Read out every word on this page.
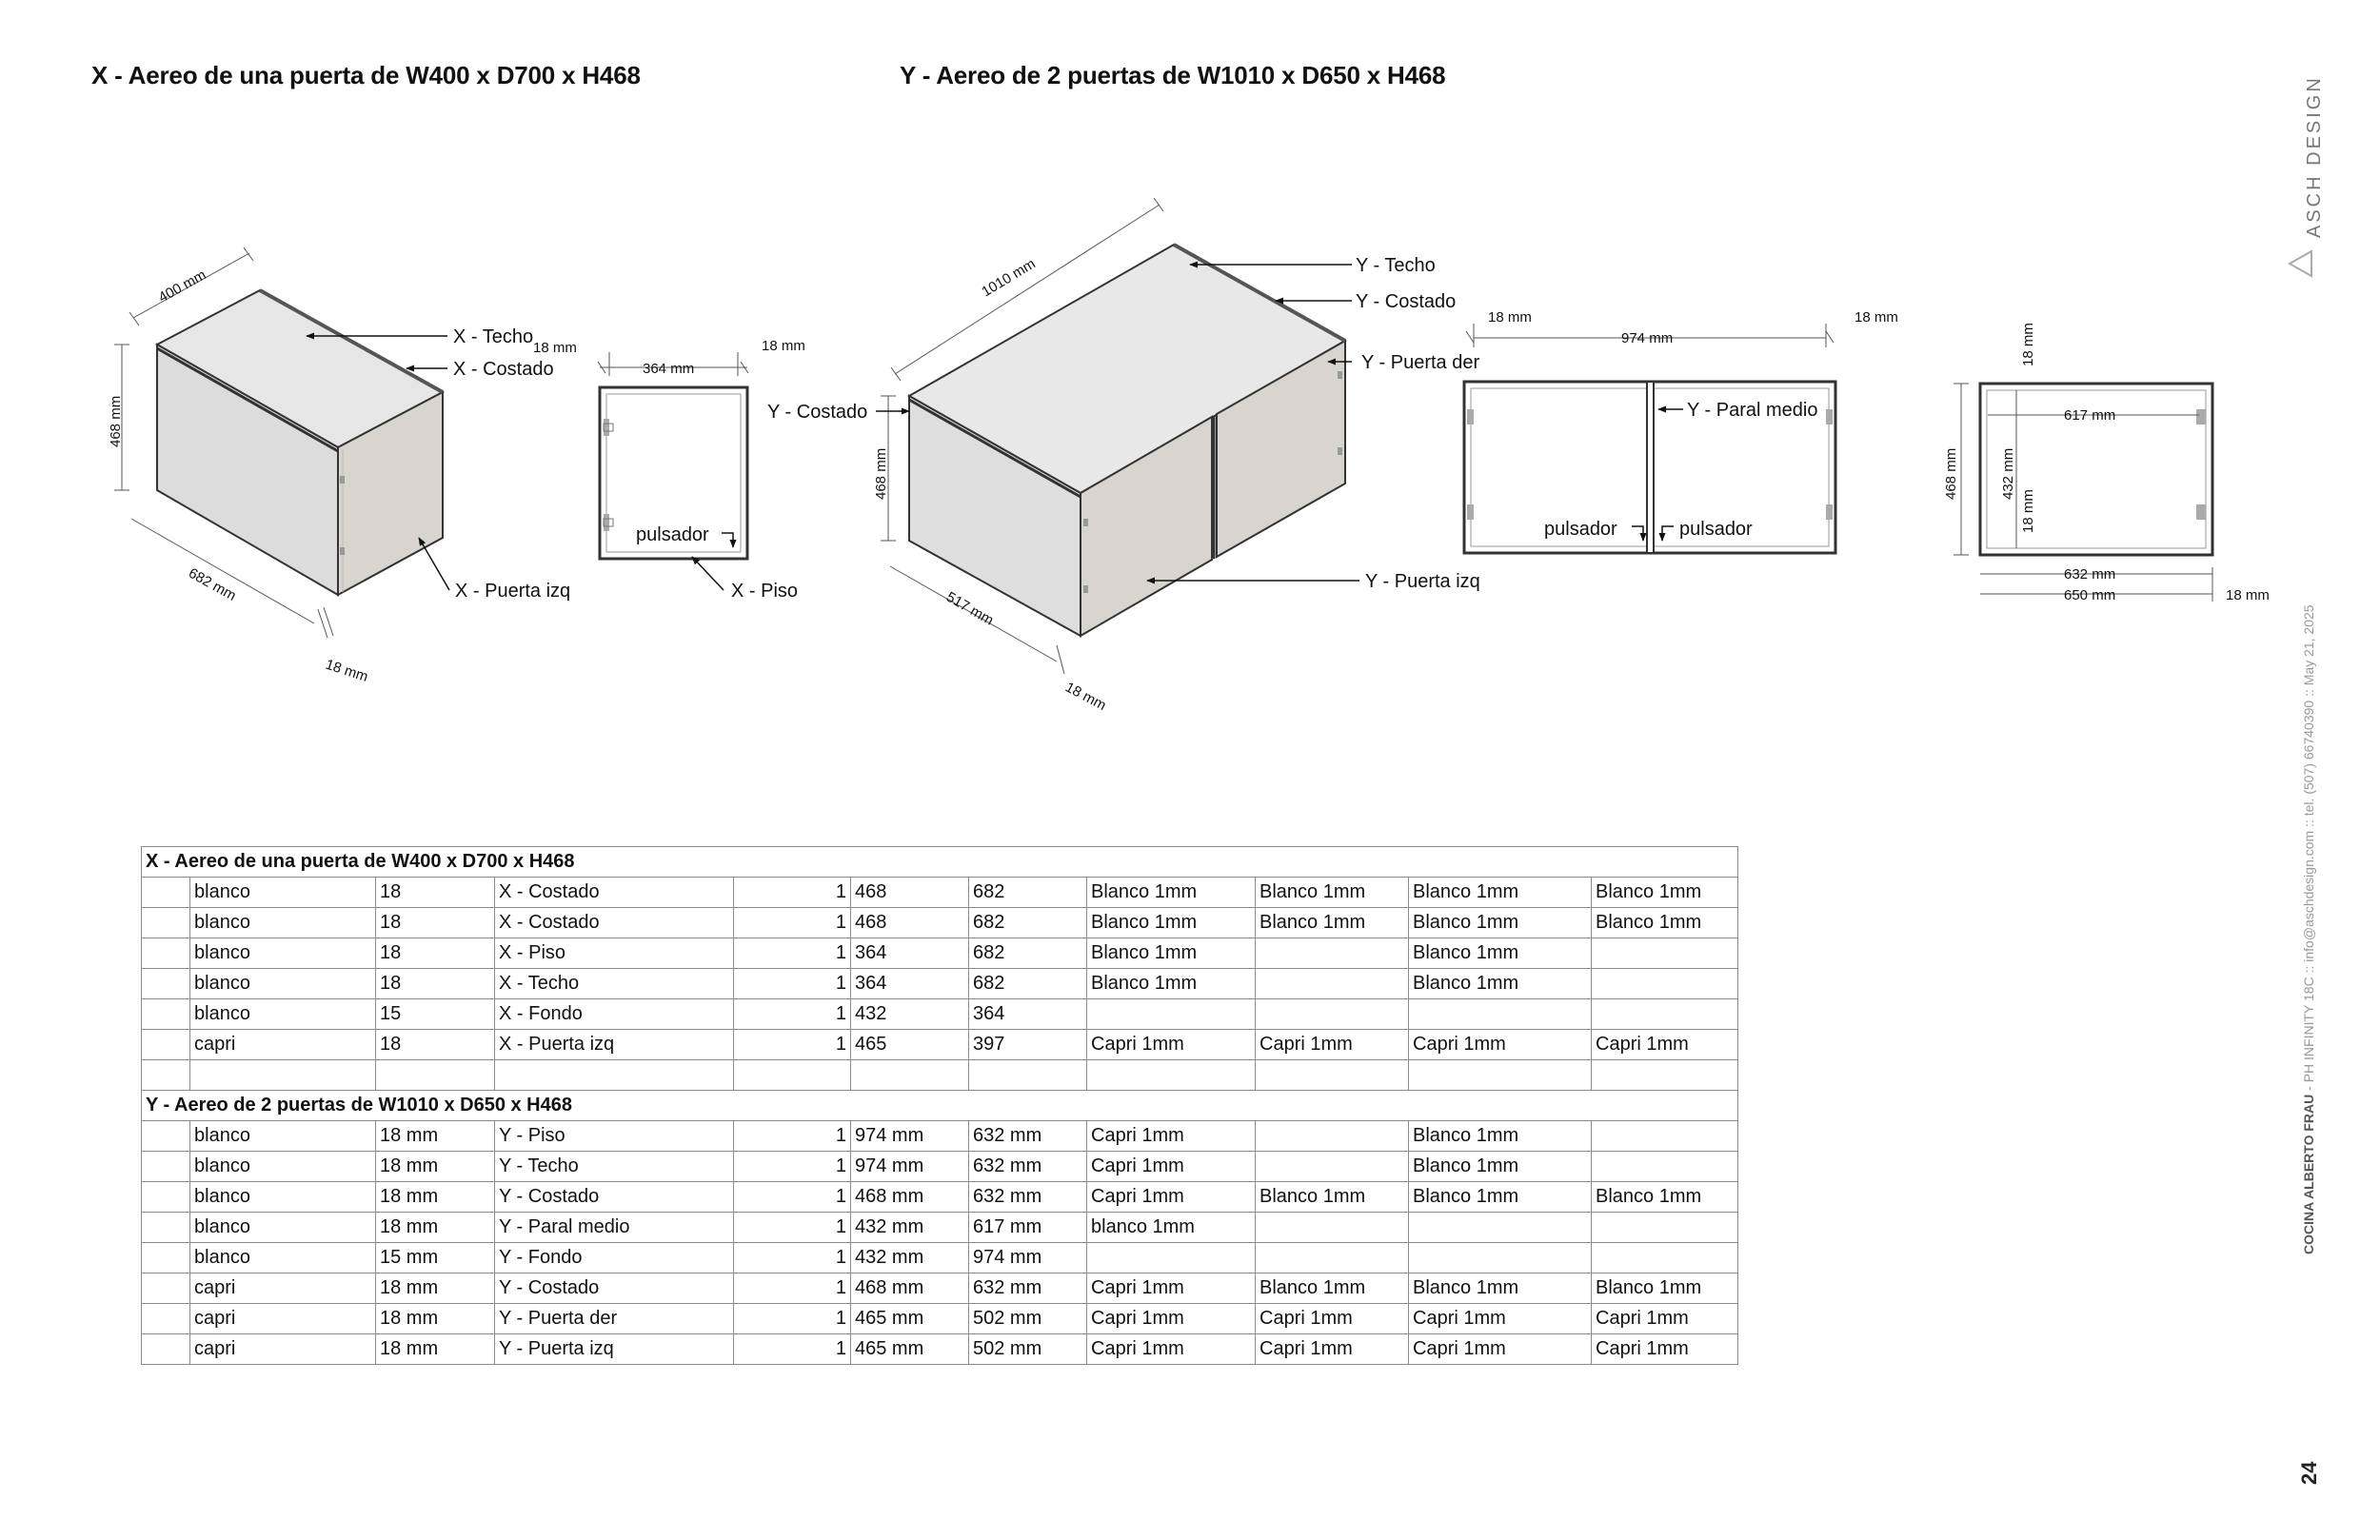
X - Aereo de una puerta de W400 x D700 x H468	Y - Aereo de 2 puertas de W1010 x D650 x H468
400 mm
468 mm
682 mm
18 mm
X - Techo
X - Costado
X - Puerta izq
18 mm
364 mm
18 mm
pulsador
X - Piso
1010 mm
468 mm
517 mm
18 mm
Y - Techo
Y - Costado
Y - Puerta der
Y - Costado
Y - Puerta izq
18 mm
974 mm
18 mm
Y - Paral medio
pulsador	pulsador
468 mm
18 mm
432 mm
18 mm
617 mm
632 mm
650 mm	18 mm
ASCH DESIGN
COCINA ALBERTO FRAU - PH INFINITY 18C :: info@aschdesign.com :: tel. (507) 66740390 :: May 21, 2025
24
X - Aereo de una puerta de W400 x D700 x H468										
	blanco	18	X - Costado	1	468	682	Blanco 1mm	Blanco 1mm	Blanco 1mm	Blanco 1mm
	blanco	18	X - Costado	1	468	682	Blanco 1mm	Blanco 1mm	Blanco 1mm	Blanco 1mm
	blanco	18	X - Piso	1	364	682	Blanco 1mm		Blanco 1mm	
	blanco	18	X - Techo	1	364	682	Blanco 1mm		Blanco 1mm	
	blanco	15	X - Fondo	1	432	364				
	capri	18	X - Puerta izq	1	465	397	Capri 1mm	Capri 1mm	Capri 1mm	Capri 1mm

Y - Aereo de 2 puertas de W1010 x D650 x H468										
	blanco	18 mm	Y - Piso	1	974 mm	632 mm	Capri 1mm		Blanco 1mm	
	blanco	18 mm	Y - Techo	1	974 mm	632 mm	Capri 1mm		Blanco 1mm	
	blanco	18 mm	Y - Costado	1	468 mm	632 mm	Capri 1mm	Blanco 1mm	Blanco 1mm	Blanco 1mm
	blanco	18 mm	Y - Paral medio	1	432 mm	617 mm	blanco 1mm			
	blanco	15 mm	Y - Fondo	1	432 mm	974 mm				
	capri	18 mm	Y - Costado	1	468 mm	632 mm	Capri 1mm	Blanco 1mm	Blanco 1mm	Blanco 1mm
	capri	18 mm	Y - Puerta der	1	465 mm	502 mm	Capri 1mm	Capri 1mm	Capri 1mm	Capri 1mm
	capri	18 mm	Y - Puerta izq	1	465 mm	502 mm	Capri 1mm	Capri 1mm	Capri 1mm	Capri 1mm
